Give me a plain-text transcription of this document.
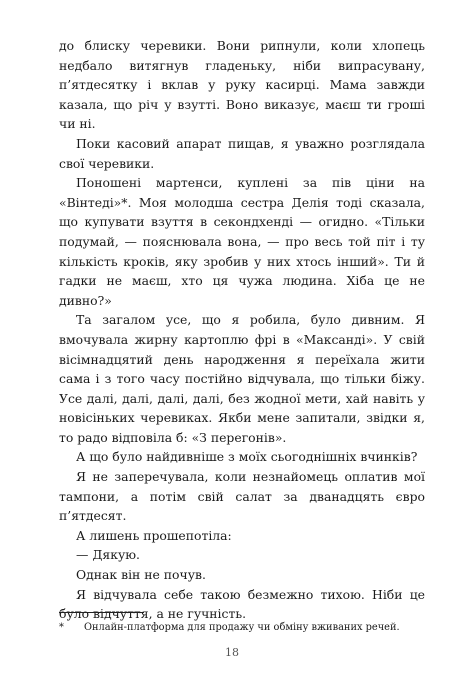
до блиску черевики. Вони рипнули, коли хлопець недбало витягнув гладеньку, ніби випрасувану, п’ятдесятку і вклав у руку касирці. Мама завжди казала, що річ у взутті. Воно виказує, маєш ти гроші чи ні.

Поки касовий апарат пищав, я уважно розглядала свої черевики.

Поношені мартенси, куплені за пів ціни на «Вінтеді»*. Моя молодша сестра Делія тоді сказала, що купувати взуття в секондхенді — огидно. «Тільки подумай, — пояснювала вона, — про весь той піт і ту кількість кроків, яку зробив у них хтось інший». Ти й гадки не маєш, хто ця чужа людина. Хіба це не дивно?»

Та загалом усе, що я робила, було дивним. Я вмочувала жирну картоплю фрі в «Максанді». У свій вісімнадцятий день народження я переїхала жити сама і з того часу постійно відчувала, що тільки біжу. Усе далі, далі, далі, далі, без жодної мети, хай навіть у новісіньких черевиках. Якби мене запитали, звідки я, то радо відповіла б: «З перегонів».

А що було найдивніше з моїх сьогоднішніх вчинків?

Я не заперечувала, коли незнайомець оплатив мої тампони, а потім свій салат за дванадцять євро п’ятдесят.

А лишень прошепотіла:

— Дякую.

Однак він не почув.

Я відчувала себе такою безмежно тихою. Ніби це було відчуття, а не гучність.

* Онлайн-платформа для продажу чи обміну вживаних речей.
18
